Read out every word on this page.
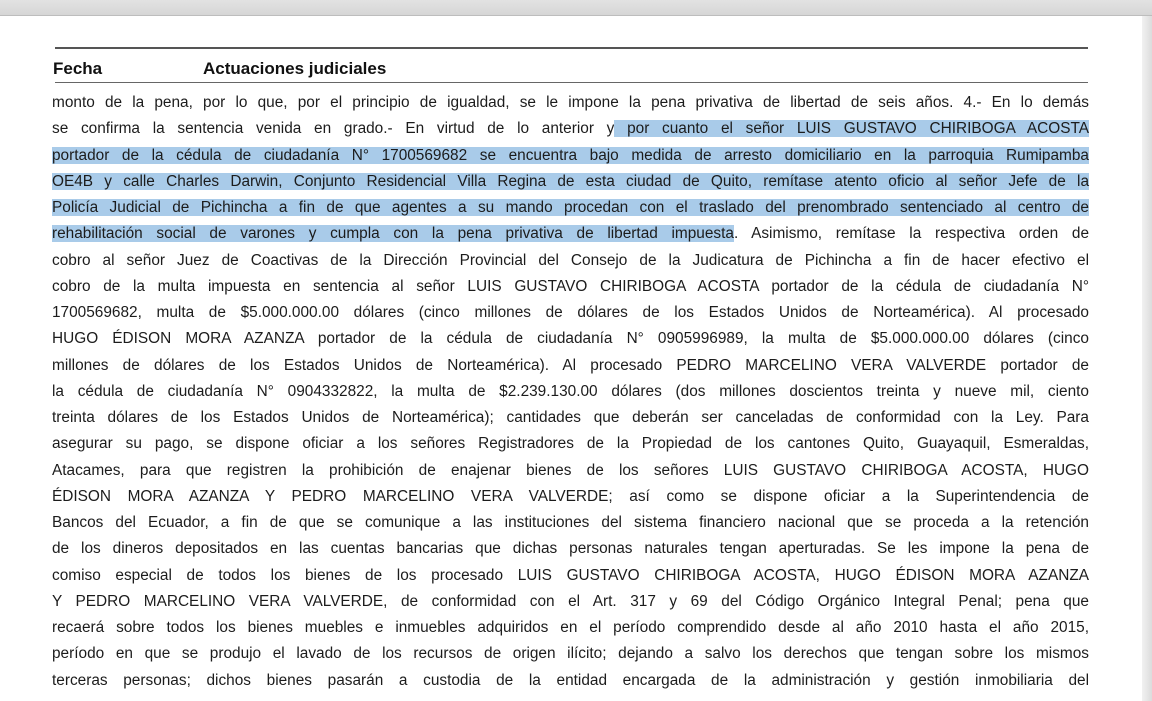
Fecha	Actuaciones judiciales
monto de la pena, por lo que, por el principio de igualdad, se le impone la pena privativa de libertad de seis años. 4.- En lo demás
se confirma la sentencia venida en grado.- En virtud de lo anterior y por cuanto el señor LUIS GUSTAVO CHIRIBOGA ACOSTA
portador de la cédula de ciudadanía N° 1700569682 se encuentra bajo medida de arresto domiciliario en la parroquia Rumipamba
OE4B y calle Charles Darwin, Conjunto Residencial Villa Regina de esta ciudad de Quito, remítase atento oficio al señor Jefe de la
Policía Judicial de Pichincha a fin de que agentes a su mando procedan con el traslado del prenombrado sentenciado al centro de
rehabilitación social de varones y cumpla con la pena privativa de libertad impuesta. Asimismo, remítase la respectiva orden de
cobro al señor Juez de Coactivas de la Dirección Provincial del Consejo de la Judicatura de Pichincha a fin de hacer efectivo el
cobro de la multa impuesta en sentencia al señor LUIS GUSTAVO CHIRIBOGA ACOSTA portador de la cédula de ciudadanía N°
1700569682, multa de $5.000.000.00 dólares (cinco millones de dólares de los Estados Unidos de Norteamérica). Al procesado
HUGO ÉDISON MORA AZANZA portador de la cédula de ciudadanía N° 0905996989, la multa de $5.000.000.00 dólares (cinco
millones de dólares de los Estados Unidos de Norteamérica). Al procesado PEDRO MARCELINO VERA VALVERDE portador de
la cédula de ciudadanía N° 0904332822, la multa de $2.239.130.00 dólares (dos millones doscientos treinta y nueve mil, ciento
treinta dólares de los Estados Unidos de Norteamérica); cantidades que deberán ser canceladas de conformidad con la Ley. Para
asegurar su pago, se dispone oficiar a los señores Registradores de la Propiedad de los cantones Quito, Guayaquil, Esmeraldas,
Atacames, para que registren la prohibición de enajenar bienes de los señores LUIS GUSTAVO CHIRIBOGA ACOSTA, HUGO
ÉDISON MORA AZANZA Y PEDRO MARCELINO VERA VALVERDE; así como se dispone oficiar a la Superintendencia de
Bancos del Ecuador, a fin de que se comunique a las instituciones del sistema financiero nacional que se proceda a la retención
de los dineros depositados en las cuentas bancarias que dichas personas naturales tengan aperturadas. Se les impone la pena de
comiso especial de todos los bienes de los procesado LUIS GUSTAVO CHIRIBOGA ACOSTA, HUGO ÉDISON MORA AZANZA
Y PEDRO MARCELINO VERA VALVERDE, de conformidad con el Art. 317 y 69 del Código Orgánico Integral Penal; pena que
recaerá sobre todos los bienes muebles e inmuebles adquiridos en el período comprendido desde al año 2010 hasta el año 2015,
período en que se produjo el lavado de los recursos de origen ilícito; dejando a salvo los derechos que tengan sobre los mismos
terceras personas; dichos bienes pasarán a custodia de la entidad encargada de la administración y gestión inmobiliaria del
